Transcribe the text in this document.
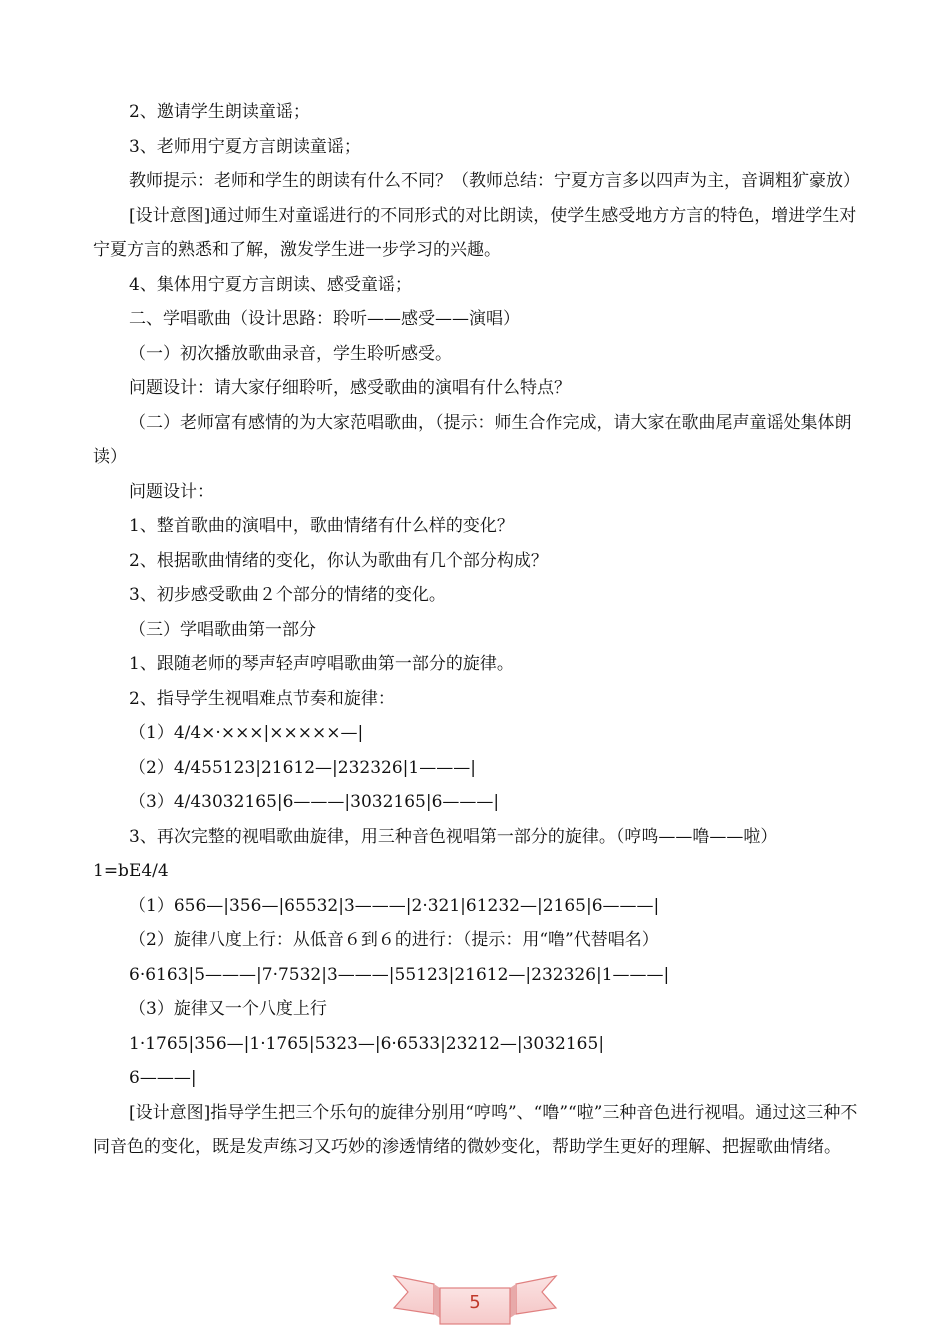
2、邀请学生朗读童谣；

3、老师用宁夏方言朗读童谣；

教师提示：老师和学生的朗读有什么不同？（教师总结：宁夏方言多以四声为主，音调粗犷豪放）

[设计意图]通过师生对童谣进行的不同形式的对比朗读，使学生感受地方方言的特色，增进学生对宁夏方言的熟悉和了解，激发学生进一步学习的兴趣。

4、集体用宁夏方言朗读、感受童谣；

二、学唱歌曲（设计思路：聆听——感受——演唱）

（一）初次播放歌曲录音，学生聆听感受。

问题设计：请大家仔细聆听，感受歌曲的演唱有什么特点？

（二）老师富有感情的为大家范唱歌曲，（提示：师生合作完成，请大家在歌曲尾声童谣处集体朗读）

问题设计：

1、整首歌曲的演唱中，歌曲情绪有什么样的变化？

2、根据歌曲情绪的变化，你认为歌曲有几个部分构成？

3、初步感受歌曲２个部分的情绪的变化。

（三）学唱歌曲第一部分

1、跟随老师的琴声轻声哼唱歌曲第一部分的旋律。

2、指导学生视唱难点节奏和旋律：

（1）4/4×·×××|×××××—|

（2）4/455123|21612—|232326|1———|

（3）4/43032165|6———|3032165|6———|

3、再次完整的视唱歌曲旋律，用三种音色视唱第一部分的旋律。（哼鸣——噜——啦）

1=bE4/4

（1）656—|356—|65532|3———|2·321|61232—|2165|6———|

（2）旋律八度上行：从低音６到６的进行：（提示：用“噜”代替唱名）

6·6163|5———|7·7532|3———|55123|21612—|232326|1———|

（3）旋律又一个八度上行

1·1765|356—|1·1765|5323—|6·6533|23212—|3032165|

6———|

[设计意图]指导学生把三个乐句的旋律分别用“哼鸣”、“噜”“啦”三种音色进行视唱。通过这三种不同音色的变化，既是发声练习又巧妙的渗透情绪的微妙变化，帮助学生更好的理解、把握歌曲情绪。

5
